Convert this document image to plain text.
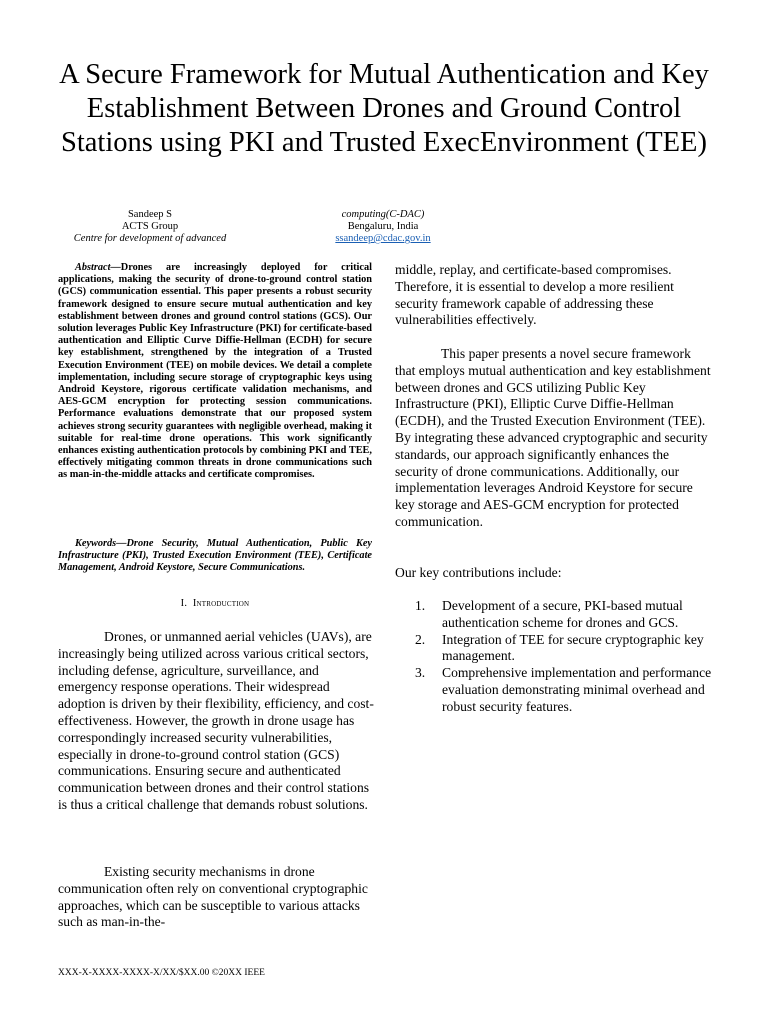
A Secure Framework for Mutual Authentication and Key Establishment Between Drones and Ground Control Stations using PKI and Trusted ExecEnvironment (TEE)
Sandeep S
ACTS Group
Centre for development of advanced
computing(C-DAC)
Bengaluru, India
ssandeep@cdac.gov.in

Abstract—Drones are increasingly deployed for critical applications, making the security of drone-to-ground control station (GCS) communication essential. This paper presents a robust security framework designed to ensure secure mutual authentication and key establishment between drones and ground control stations (GCS). Our solution leverages Public Key Infrastructure (PKI) for certificate-based authentication and Elliptic Curve Diffie-Hellman (ECDH) for secure key establishment, strengthened by the integration of a Trusted Execution Environment (TEE) on mobile devices. We detail a complete implementation, including secure storage of cryptographic keys using Android Keystore, rigorous certificate validation mechanisms, and AES-GCM encryption for protecting session communications. Performance evaluations demonstrate that our proposed system achieves strong security guarantees with negligible overhead, making it suitable for real-time drone operations. This work significantly enhances existing authentication protocols by combining PKI and TEE, effectively mitigating common threats in drone communications such as man-in-the-middle attacks and certificate compromises.

Keywords—Drone Security, Mutual Authentication, Public Key Infrastructure (PKI), Trusted Execution Environment (TEE), Certificate Management, Android Keystore, Secure Communications.

I. Introduction

Drones, or unmanned aerial vehicles (UAVs), are increasingly being utilized across various critical sectors, including defense, agriculture, surveillance, and emergency response operations. Their widespread adoption is driven by their flexibility, efficiency, and cost-effectiveness. However, the growth in drone usage has correspondingly increased security vulnerabilities, especially in drone-to-ground control station (GCS) communications. Ensuring secure and authenticated communication between drones and their control stations is thus a critical challenge that demands robust solutions.

Existing security mechanisms in drone communication often rely on conventional cryptographic approaches, which can be susceptible to various attacks such as man-in-the-

middle, replay, and certificate-based compromises. Therefore, it is essential to develop a more resilient security framework capable of addressing these vulnerabilities effectively.

This paper presents a novel secure framework that employs mutual authentication and key establishment between drones and GCS utilizing Public Key Infrastructure (PKI), Elliptic Curve Diffie-Hellman (ECDH), and the Trusted Execution Environment (TEE). By integrating these advanced cryptographic and security standards, our approach significantly enhances the security of drone communications. Additionally, our implementation leverages Android Keystore for secure key storage and AES-GCM encryption for protected communication.

Our key contributions include:

1. Development of a secure, PKI-based mutual authentication scheme for drones and GCS.
2. Integration of TEE for secure cryptographic key management.
3. Comprehensive implementation and performance evaluation demonstrating minimal overhead and robust security features.
XXX-X-XXXX-XXXX-X/XX/$XX.00 ©20XX IEEE
